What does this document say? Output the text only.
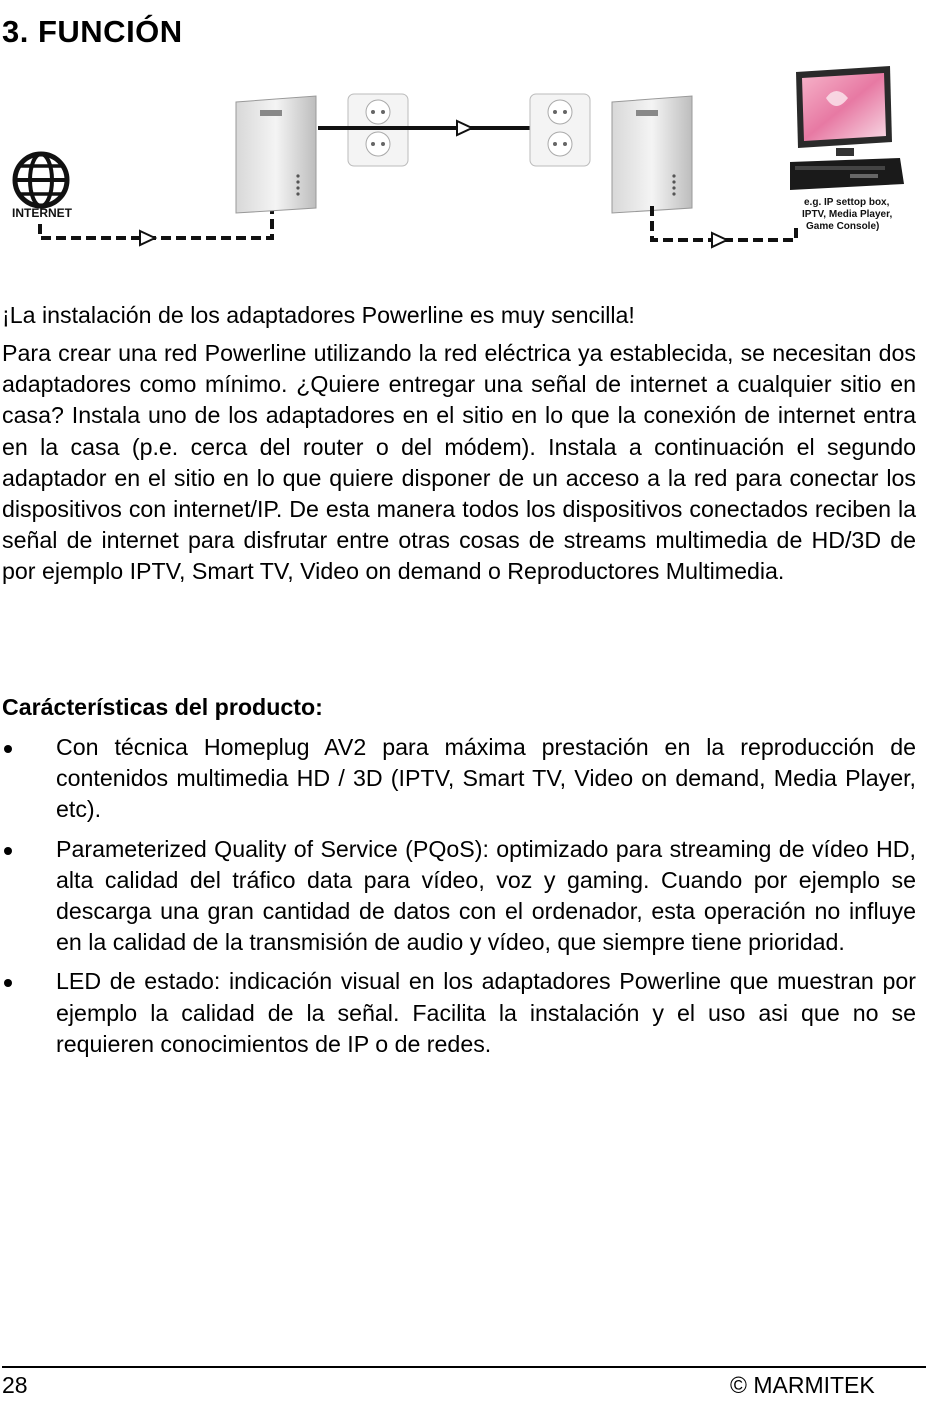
3. FUNCIÓN
INTERNET
e.g. IP settop box,
IPTV, Media Player,
Game Console)

¡La instalación de los adaptadores Powerline es muy sencilla!

Para crear una red Powerline utilizando la red eléctrica ya establecida, se necesitan dos adaptadores como mínimo. ¿Quiere entregar una señal de internet a cualquier sitio en casa? Instala uno de los adaptadores en el sitio en lo que la conexión de internet entra en la casa (p.e. cerca del router o del módem). Instala a continuación el segundo adaptador en el sitio en lo que quiere disponer de un acceso a la red para conectar los dispositivos con internet/IP. De esta manera todos los dispositivos conectados reciben la señal de internet para disfrutar entre otras cosas de streams multimedia de HD/3D de por ejemplo IPTV, Smart TV, Video on demand o Reproductores Multimedia.

Carácterísticas del producto:
Con técnica Homeplug AV2 para máxima prestación en la reproducción de contenidos multimedia HD / 3D (IPTV, Smart TV, Video on demand, Media Player, etc).
Parameterized Quality of Service (PQoS): optimizado para streaming de vídeo HD, alta calidad del tráfico data para vídeo, voz y gaming. Cuando por ejemplo se descarga una gran cantidad de datos con el ordenador, esta operación no influye en la calidad de la transmisión de audio y vídeo, que siempre tiene prioridad.
LED de estado: indicación visual en los adaptadores Powerline que muestran por ejemplo la calidad de la señal. Facilita la instalación y el uso asi que no se requieren conocimientos de IP o de redes.
28	© MARMITEK
